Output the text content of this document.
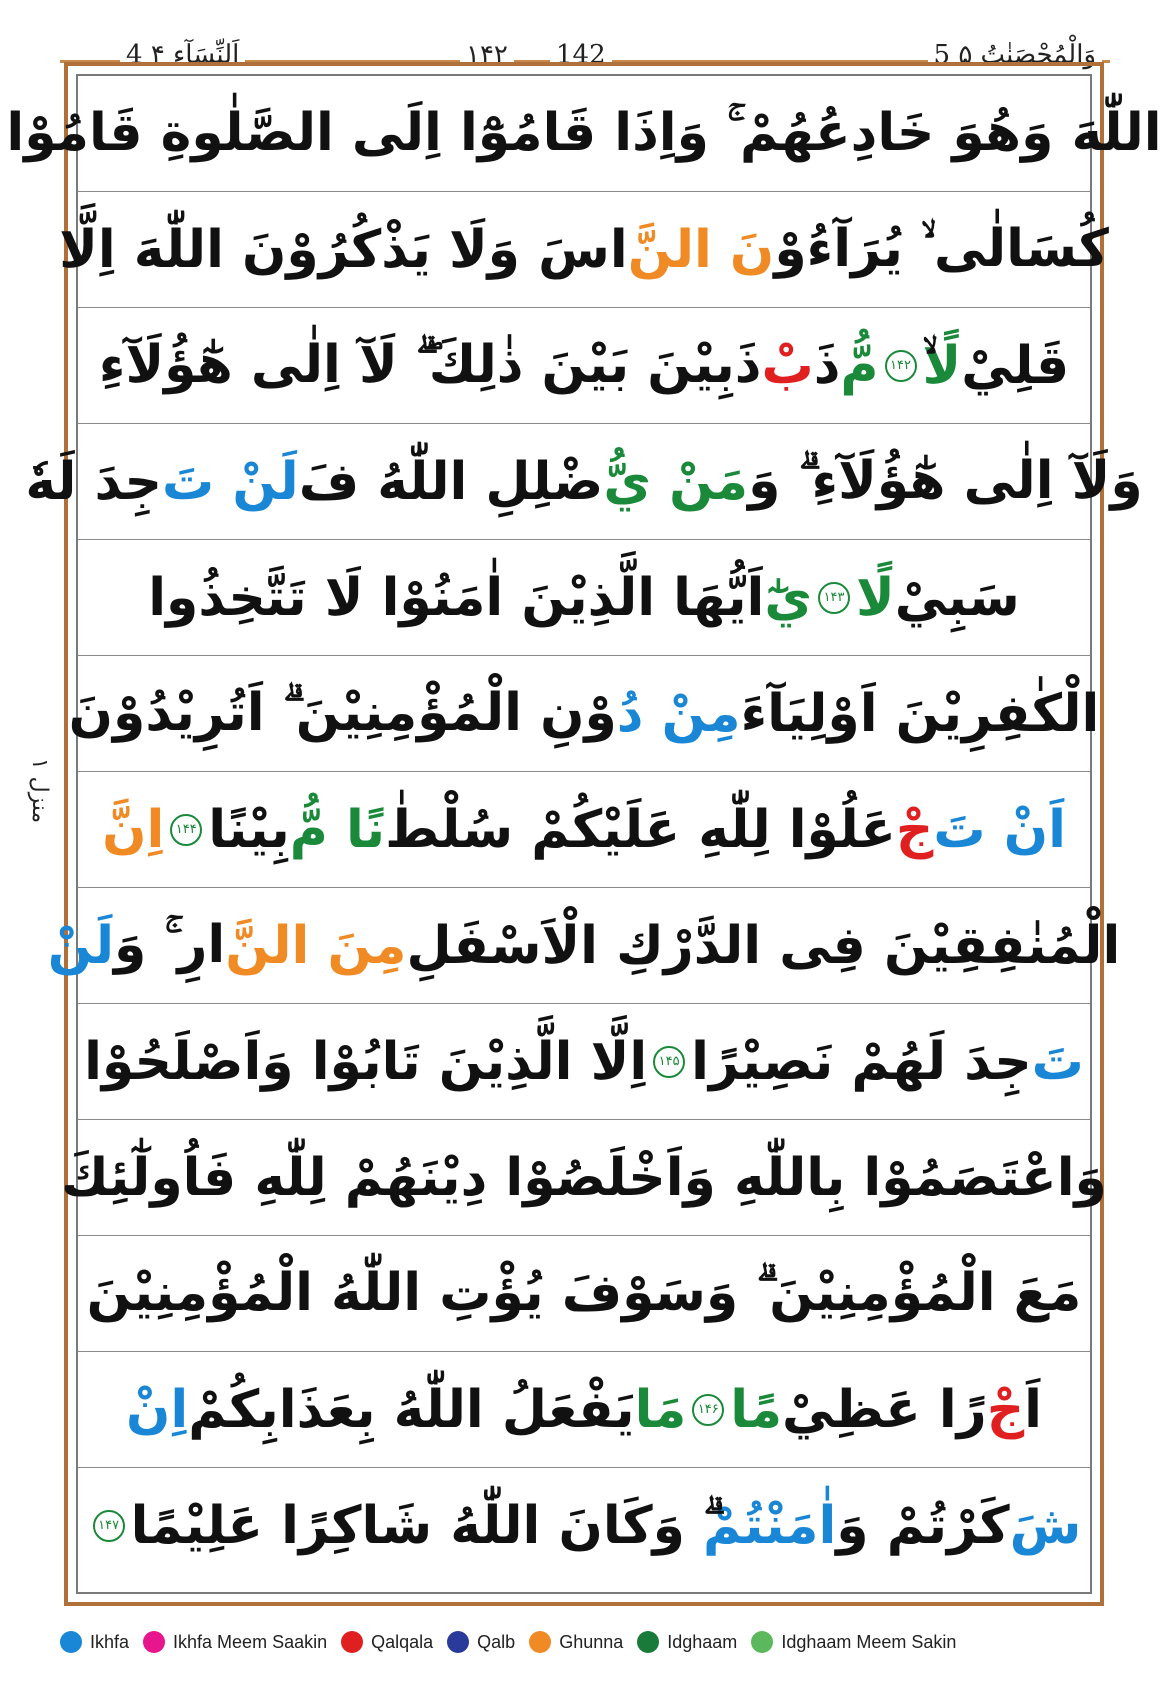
5 وَالْمُحْصَنٰتُ ۵
142
۱۴۲
4 اَلنِّسَآء ۴
اللّٰهَ وَهُوَ خَادِعُهُمْ ۚ وَاِذَا قَامُوْٓا اِلَى الصَّلٰوةِ قَامُوْا
كُسَالٰى ۙ يُرَآءُوْ
نَ النَّ
اسَ وَلَا يَذْكُرُوْنَ اللّٰهَ اِلَّا
قَلِيْ
لًا
۱۴۲
مُّ
ذَ
بْ
ذَبِيْنَ بَيْنَ ذٰلِكَ ۖۗ لَآ اِلٰى هٰٓؤُلَآءِ
وَلَآ اِلٰى هٰٓؤُلَآءِ ۗ وَ
مَنْ يُّ
ضْلِلِ اللّٰهُ فَ
لَنْ تَ
جِدَ لَهٗ
سَبِيْ
لًا
۱۴۳
يٰٓ
اَيُّهَا الَّذِيْنَ اٰمَنُوْا لَا تَتَّخِذُوا
الْكٰفِرِيْنَ اَوْلِيَآءَ
مِنْ دُ
وْنِ الْمُؤْمِنِيْنَ ۗ اَتُرِيْدُوْنَ
اَنْ تَ
جْ
عَلُوْا لِلّٰهِ عَلَيْكُمْ سُلْطٰ
نًا مُّ
بِيْنًا
۱۴۴
اِنَّ
الْمُنٰفِقِيْنَ فِى الدَّرْكِ الْاَسْفَلِ
مِنَ النَّ
ارِ ۚ وَ
لَنْ
تَ
جِدَ لَهُمْ نَصِيْرًا
۱۴۵
اِلَّا الَّذِيْنَ تَابُوْا وَاَصْلَحُوْا
وَاعْتَصَمُوْا بِاللّٰهِ وَاَخْلَصُوْا دِيْنَهُمْ لِلّٰهِ فَاُولٰٓئِكَ
مَعَ الْمُؤْمِنِيْنَ ۗ وَسَوْفَ يُؤْتِ اللّٰهُ الْمُؤْمِنِيْنَ
اَ
جْ
رًا عَظِيْ
مًا
۱۴۶
مَا
يَفْعَلُ اللّٰهُ بِعَذَابِكُمْ
اِنْ
شَ
كَرْتُمْ وَ
اٰمَنْتُمْ
ۗ وَكَانَ اللّٰهُ شَاكِرًا عَلِيْمًا
۱۴۷
منزل ۱
Ikhfa Ikhfa Meem Saakin Qalqala Qalb Ghunna Idghaam Idghaam Meem Sakin
